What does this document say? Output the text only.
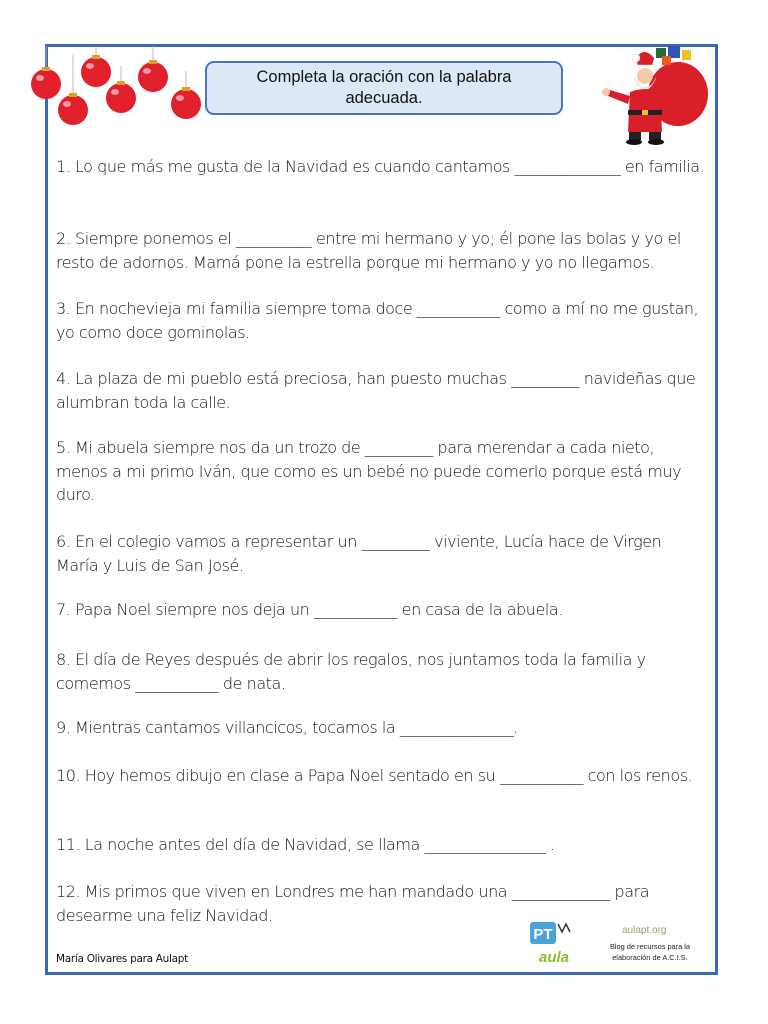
Completa la oración con la palabra adecuada.

1. Lo que más me gusta de la Navidad es cuando cantamos ______________ en familia.

2. Siempre ponemos el __________ entre mi hermano y yo; él pone las bolas y yo el resto de adornos. Mamá pone la estrella porque mi hermano y yo no llegamos.

3. En nochevieja mi familia siempre toma doce ___________ como a mí no me gustan, yo como doce gominolas.

4. La plaza de mi pueblo está preciosa, han puesto muchas _________ navideñas que alumbran toda la calle.

5. Mi abuela siempre nos da un trozo de _________ para merendar a cada nieto, menos a mi primo Iván, que como es un bebé no puede comerlo porque está muy duro.

6. En el colegio vamos a representar un _________ viviente, Lucía hace de Virgen María y Luis de San José.

7. Papa Noel siempre nos deja un ___________ en casa de la abuela.

8. El día de Reyes después de abrir los regalos, nos juntamos toda la familia y comemos ___________ de nata.

9. Mientras cantamos villancicos, tocamos la _______________.

10. Hoy hemos dibujo en clase a Papa Noel sentado en su ___________ con los renos.

11. La noche antes del día de Navidad, se llama ________________ .

12. Mis primos que viven en Londres me han mandado una _____________ para desearme una feliz Navidad.

María Olivares para Aulapt
PT
aula
aulapt.org
Blog de recursos para la elaboración de A.C.I.S.
